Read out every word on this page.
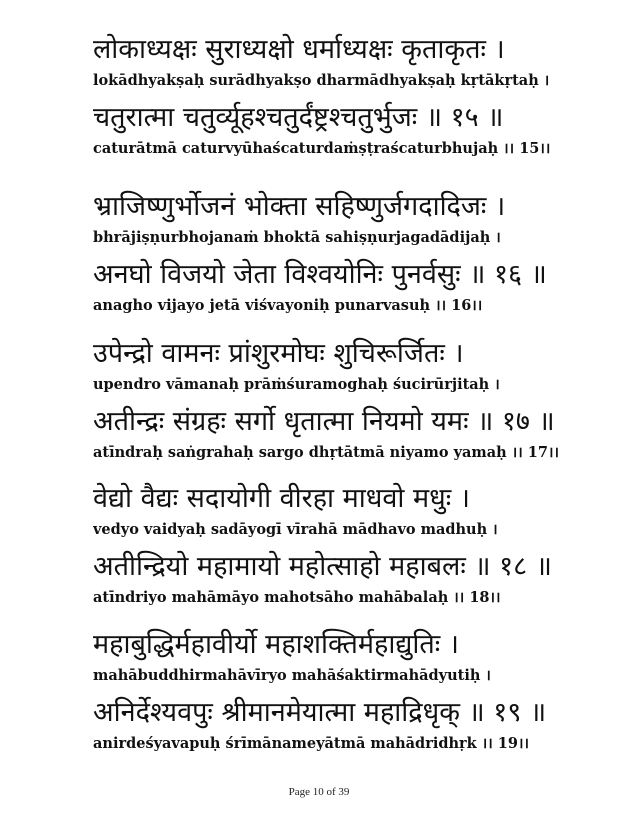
लोकाध्यक्षः सुराध्यक्षो धर्माध्यक्षः कृताकृतः ।
lokādhyakṣaḥ surādhyakṣo dharmādhyakṣaḥ kṛtākṛtaḥ ।
चतुरात्मा चतुर्व्यूहश्चतुर्दंष्ट्रश्चतुर्भुजः ॥ १५ ॥
caturātmā caturvyūhaścaturdaṁṣṭraścaturbhujaḥ ।। 15।।
भ्राजिष्णुर्भोजनं भोक्ता सहिष्णुर्जगदादिजः ।
bhrājiṣṇurbhojanaṁ bhoktā sahiṣṇurjagadādijaḥ ।
अनघो विजयो जेता विश्वयोनिः पुनर्वसुः ॥ १६ ॥
anagho vijayo jetā viśvayoniḥ punarvasuḥ ।। 16।।
उपेन्द्रो वामनः प्रांशुरमोघः शुचिरूर्जितः ।
upendro vāmanaḥ prāṁśuramoghaḥ śucirūrjitaḥ ।
अतीन्द्रः संग्रहः सर्गो धृतात्मा नियमो यमः ॥ १७ ॥
atīndraḥ saṅgrahaḥ sargo dhṛtātmā niyamo yamaḥ ।। 17।।
वेद्यो वैद्यः सदायोगी वीरहा माधवो मधुः ।
vedyo vaidyaḥ sadāyogī vīrahā mādhavo madhuḥ ।
अतीन्द्रियो महामायो महोत्साहो महाबलः ॥ १८ ॥
atīndriyo mahāmāyo mahotsāho mahābalaḥ ।। 18।।
महाबुद्धिर्महावीर्यो महाशक्तिर्महाद्युतिः ।
mahābuddhirmahāvīryo mahāśaktirmahādyutiḥ ।
अनिर्देश्यवपुः श्रीमानमेयात्मा महाद्रिधृक् ॥ १९ ॥
anirdeśyavapuḥ śrīmānameyātmā mahādridhṛk ।। 19।।
Page 10 of 39
